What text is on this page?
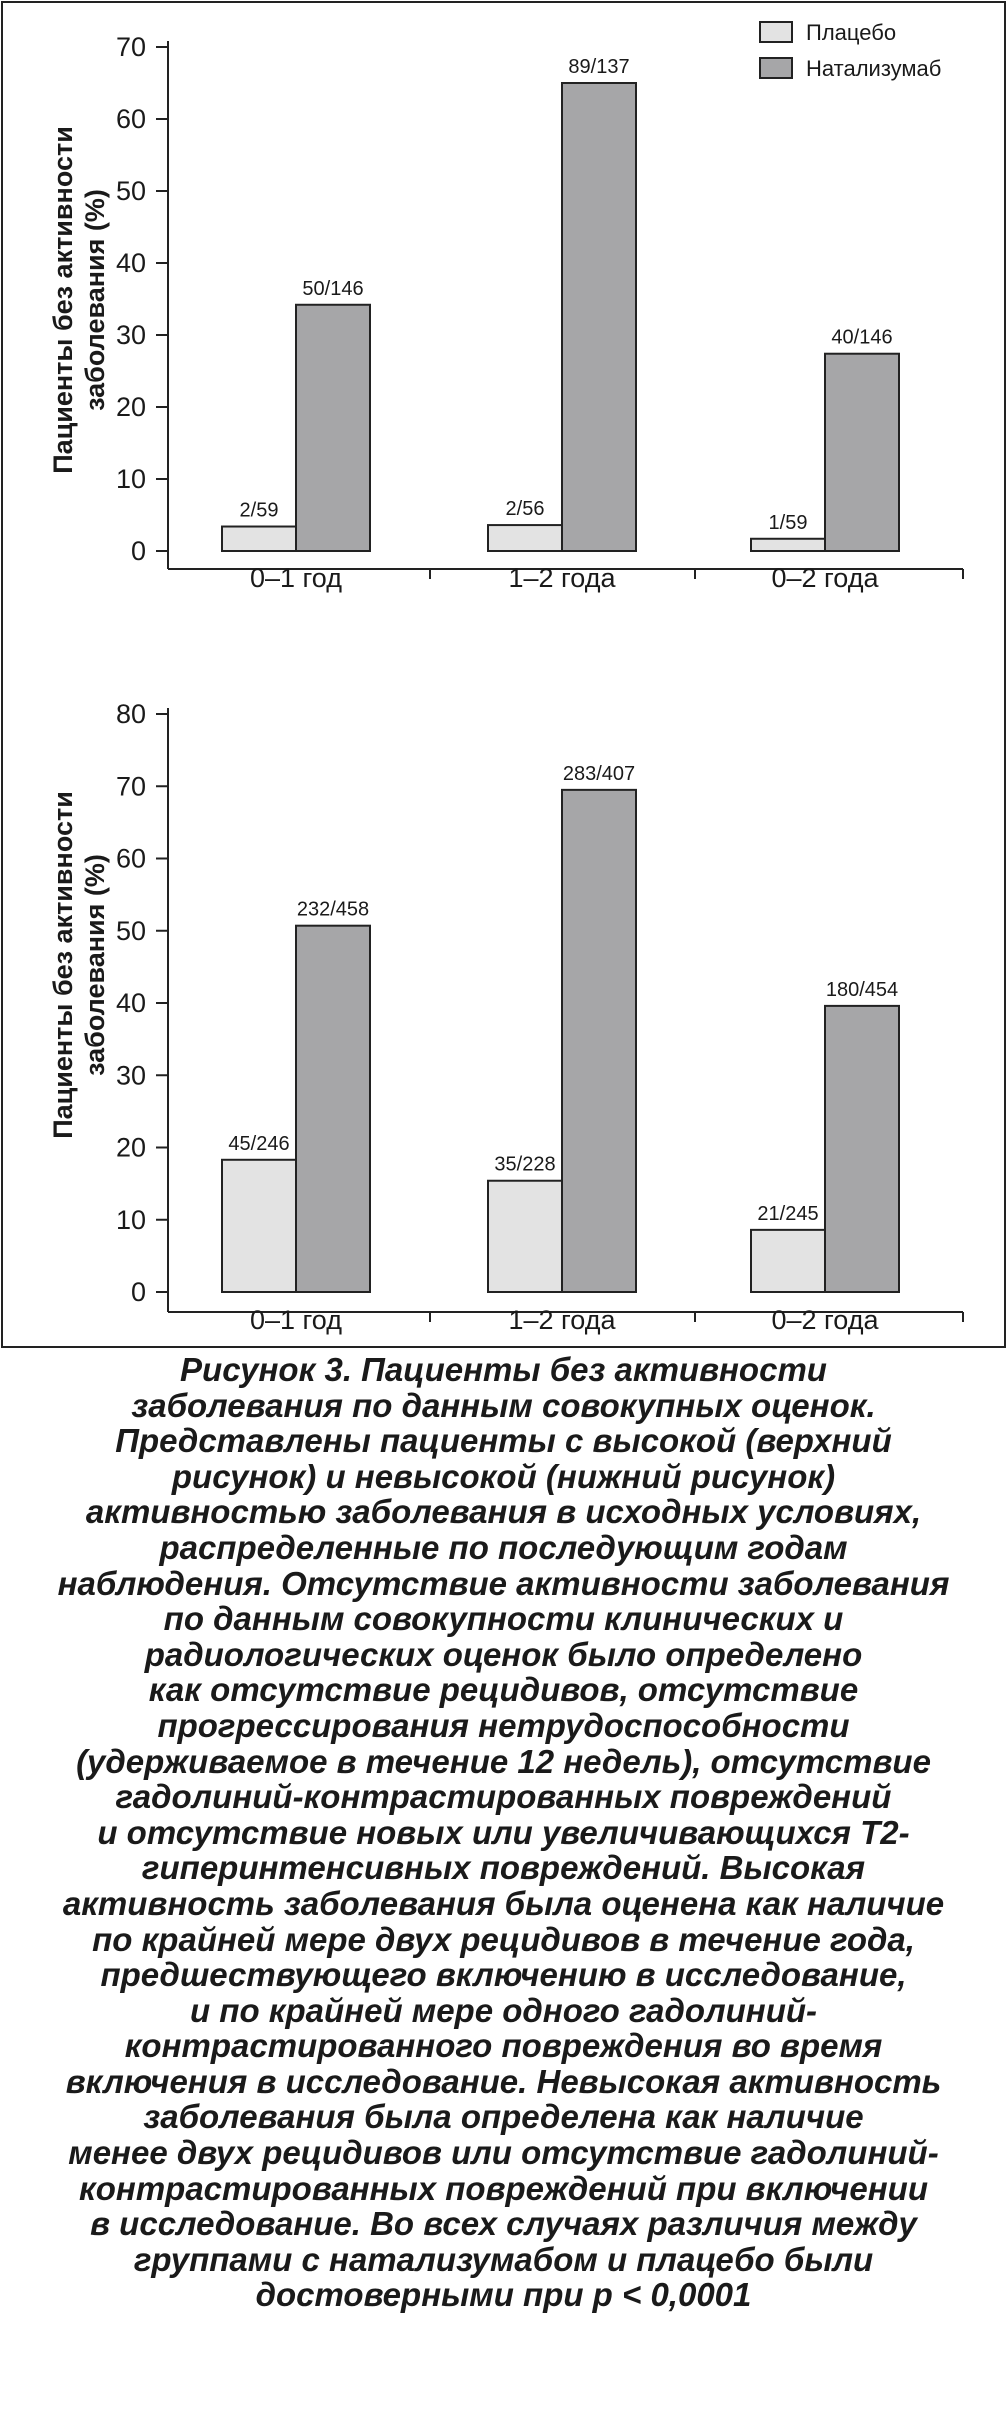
0
10
20
30
40
50
60
70
Пациенты без активностизаболевания (%)
2/59
50/146
0–1 год
2/56
89/137
1–2 года
1/59
40/146
0–2 года
0
10
20
30
40
50
60
70
80
Пациенты без активностизаболевания (%)
45/246
232/458
0–1 год
35/228
283/407
1–2 года
21/245
180/454
0–2 года
Плацебо
Натализумаб
Рисунок 3. Пациенты без активности
заболевания по данным совокупных оценок.
Представлены пациенты с высокой (верхний
рисунок) и невысокой (нижний рисунок)
активностью заболевания в исходных условиях,
распределенные по последующим годам
наблюдения. Отсутствие активности заболевания
по данным совокупности клинических и
радиологических оценок было определено
как отсутствие рецидивов, отсутствие
прогрессирования нетрудоспособности
(удерживаемое в течение 12 недель), отсутствие
гадолиний-контрастированных повреждений
и отсутствие новых или увеличивающихся Т2-
гиперинтенсивных повреждений. Высокая
активность заболевания была оценена как наличие
по крайней мере двух рецидивов в течение года,
предшествующего включению в исследование,
и по крайней мере одного гадолиний-
контрастированного повреждения во время
включения в исследование. Невысокая активность
заболевания была определена как наличие
менее двух рецидивов или отсутствие гадолиний-
контрастированных повреждений при включении
в исследование. Во всех случаях различия между
группами с натализумабом и плацебо были
достоверными при p < 0,0001
